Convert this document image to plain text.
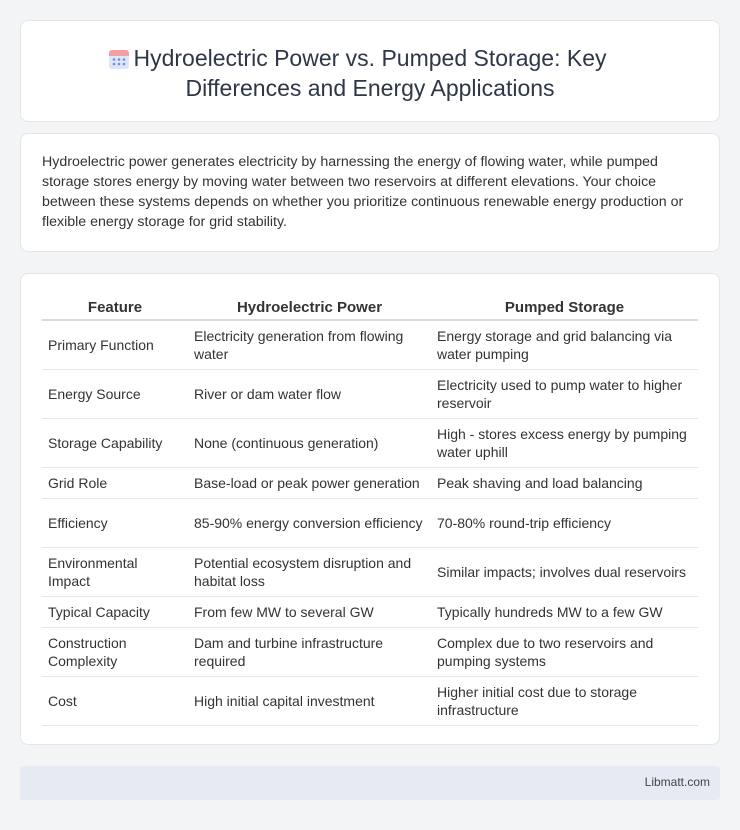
Hydroelectric Power vs. Pumped Storage: Key Differences and Energy Applications

Hydroelectric power generates electricity by harnessing the energy of flowing water, while pumped storage stores energy by moving water between two reservoirs at different elevations. Your choice between these systems depends on whether you prioritize continuous renewable energy production or flexible energy storage for grid stability.

Feature	Hydroelectric Power	Pumped Storage
Primary Function	Electricity generation from flowing water	Energy storage and grid balancing via water pumping
Energy Source	River or dam water flow	Electricity used to pump water to higher reservoir
Storage Capability	None (continuous generation)	High - stores excess energy by pumping water uphill
Grid Role	Base-load or peak power generation	Peak shaving and load balancing
Efficiency	85-90% energy conversion efficiency	70-80% round-trip efficiency
Environmental Impact	Potential ecosystem disruption and habitat loss	Similar impacts; involves dual reservoirs
Typical Capacity	From few MW to several GW	Typically hundreds MW to a few GW
Construction Complexity	Dam and turbine infrastructure required	Complex due to two reservoirs and pumping systems
Cost	High initial capital investment	Higher initial cost due to storage infrastructure
Libmatt.com
